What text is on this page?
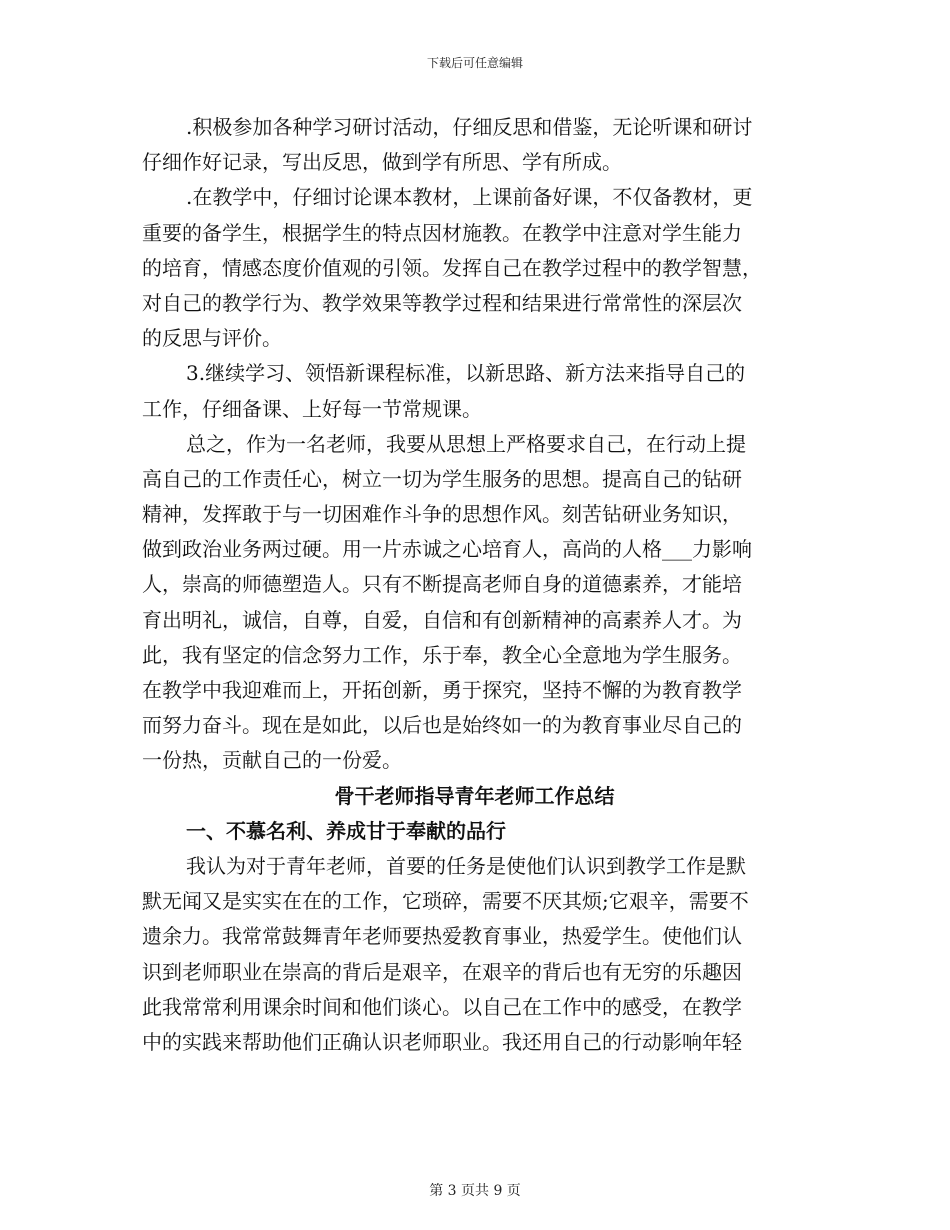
下载后可任意编辑
.积极参加各种学习研讨活动，仔细反思和借鉴，无论听课和研讨
仔细作好记录，写出反思，做到学有所思、学有所成。
.在教学中，仔细讨论课本教材，上课前备好课，不仅备教材，更
重要的备学生，根据学生的特点因材施教。在教学中注意对学生能力
的培育，情感态度价值观的引领。发挥自己在教学过程中的教学智慧，
对自己的教学行为、教学效果等教学过程和结果进行常常性的深层次
的反思与评价。
3.继续学习、领悟新课程标准，以新思路、新方法来指导自己的
工作，仔细备课、上好每一节常规课。
总之，作为一名老师，我要从思想上严格要求自己，在行动上提
高自己的工作责任心，树立一切为学生服务的思想。提高自己的钻研
精神，发挥敢于与一切困难作斗争的思想作风。刻苦钻研业务知识，
做到政治业务两过硬。用一片赤诚之心培育人，高尚的人格___力影响
人，崇高的师德塑造人。只有不断提高老师自身的道德素养，才能培
育出明礼，诚信，自尊，自爱，自信和有创新精神的高素养人才。为
此，我有坚定的信念努力工作，乐于奉，教全心全意地为学生服务。
在教学中我迎难而上，开拓创新，勇于探究，坚持不懈的为教育教学
而努力奋斗。现在是如此，以后也是始终如一的为教育事业尽自己的
一份热，贡献自己的一份爱。
骨干老师指导青年老师工作总结
一、不慕名利、养成甘于奉献的品行
我认为对于青年老师，首要的任务是使他们认识到教学工作是默
默无闻又是实实在在的工作，它琐碎，需要不厌其烦;它艰辛，需要不
遗余力。我常常鼓舞青年老师要热爱教育事业，热爱学生。使他们认
识到老师职业在崇高的背后是艰辛，在艰辛的背后也有无穷的乐趣因
此我常常利用课余时间和他们谈心。以自己在工作中的感受，在教学
中的实践来帮助他们正确认识老师职业。我还用自己的行动影响年轻
第 3 页共 9 页
